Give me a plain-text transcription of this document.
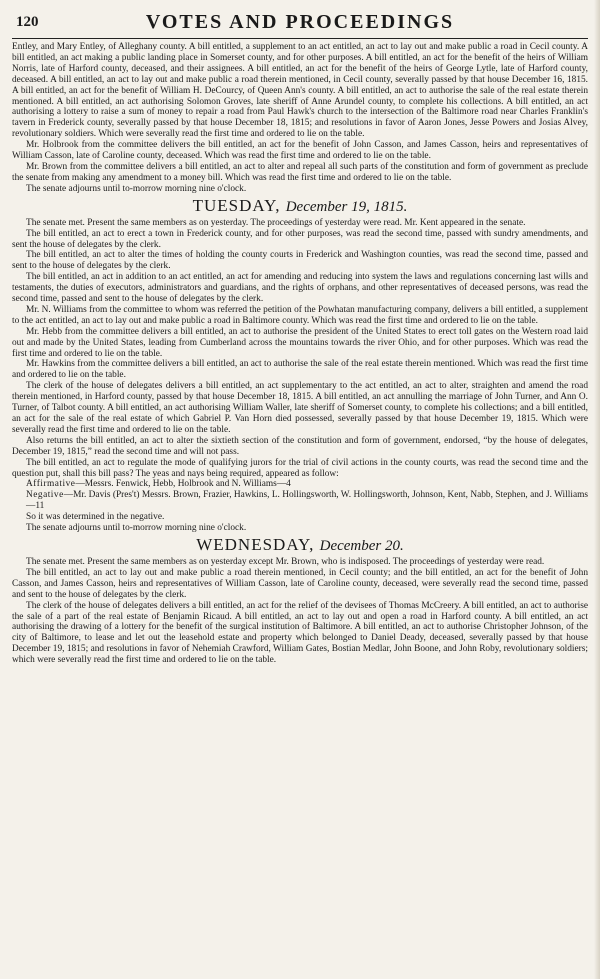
120	VOTES AND PROCEEDINGS

Entley, and Mary Entley, of Alleghany county. A bill entitled, a supplement to an act entitled, an act to lay out and make public a road in Cecil county. A bill entitled, an act making a public landing place in Somerset county, and for other purposes. A bill entitled, an act for the benefit of the heirs of William Norris, late of Harford county, deceased, and their assignees. A bill entitled, an act for the benefit of the heirs of George Lytle, late of Harford county, deceased. A bill entitled, an act to lay out and make public a road therein mentioned, in Cecil county, severally passed by that house December 16, 1815. A bill entitled, an act for the benefit of William H. DeCourcy, of Queen Ann's county. A bill entitled, an act to authorise the sale of the real estate therein mentioned. A bill entitled, an act authorising Solomon Groves, late sheriff of Anne Arundel county, to complete his collections. A bill entitled, an act authorising a lottery to raise a sum of money to repair a road from Paul Hawk's church to the intersection of the Baltimore road near Charles Franklin's tavern in Frederick county, severally passed by that house December 18, 1815; and resolutions in favor of Aaron Jones, Jesse Powers and Josias Alvey, revolutionary soldiers. Which were severally read the first time and ordered to lie on the table.

Mr. Holbrook from the committee delivers the bill entitled, an act for the benefit of John Casson, and James Casson, heirs and representatives of William Casson, late of Caroline county, deceased. Which was read the first time and ordered to lie on the table.

Mr. Brown from the committee delivers a bill entitled, an act to alter and repeal all such parts of the constitution and form of government as preclude the senate from making any amendment to a money bill. Which was read the first time and ordered to lie on the table.

The senate adjourns until to-morrow morning nine o'clock.

TUESDAY, December 19, 1815.

The senate met. Present the same members as on yesterday. The proceedings of yesterday were read. Mr. Kent appeared in the senate.

The bill entitled, an act to erect a town in Frederick county, and for other purposes, was read the second time, passed with sundry amendments, and sent the house of delegates by the clerk.

The bill entitled, an act to alter the times of holding the county courts in Frederick and Washington counties, was read the second time, passed and sent to the house of delegates by the clerk.

The bill entitled, an act in addition to an act entitled, an act for amending and reducing into system the laws and regulations concerning last wills and testaments, the duties of executors, administrators and guardians, and the rights of orphans, and other representatives of deceased persons, was read the second time, passed and sent to the house of delegates by the clerk.

Mr. N. Williams from the committee to whom was referred the petition of the Powhatan manufacturing company, delivers a bill entitled, a supplement to the act entitled, an act to lay out and make public a road in Baltimore county. Which was read the first time and ordered to lie on the table.

Mr. Hebb from the committee delivers a bill entitled, an act to authorise the president of the United States to erect toll gates on the Western road laid out and made by the United States, leading from Cumberland across the mountains towards the river Ohio, and for other purposes. Which was read the first time and ordered to lie on the table.

Mr. Hawkins from the committee delivers a bill entitled, an act to authorise the sale of the real estate therein mentioned. Which was read the first time and ordered to lie on the table.

The clerk of the house of delegates delivers a bill entitled, an act supplementary to the act entitled, an act to alter, straighten and amend the road therein mentioned, in Harford county, passed by that house December 18, 1815. A bill entitled, an act annulling the marriage of John Turner, and Ann O. Turner, of Talbot county. A bill entitled, an act authorising William Waller, late sheriff of Somerset county, to complete his collections; and a bill entitled, an act for the sale of the real estate of which Gabriel P. Van Horn died possessed, severally passed by that house December 19, 1815. Which were severally read the first time and ordered to lie on the table.

Also returns the bill entitled, an act to alter the sixtieth section of the constitution and form of government, endorsed, “by the house of delegates, December 19, 1815,” read the second time and will not pass.

The bill entitled, an act to regulate the mode of qualifying jurors for the trial of civil actions in the county courts, was read the second time and the question put, shall this bill pass? The yeas and nays being required, appeared as follow:

Affirmative—Messrs. Fenwick, Hebb, Holbrook and N. Williams—4

Negative—Mr. Davis (Pres't) Messrs. Brown, Frazier, Hawkins, L. Hollingsworth, W. Hollingsworth, Johnson, Kent, Nabb, Stephen, and J. Williams—11

So it was determined in the negative.

The senate adjourns until to-morrow morning nine o'clock.

WEDNESDAY, December 20.

The senate met. Present the same members as on yesterday except Mr. Brown, who is indisposed. The proceedings of yesterday were read.

The bill entitled, an act to lay out and make public a road therein mentioned, in Cecil county; and the bill entitled, an act for the benefit of John Casson, and James Casson, heirs and representatives of William Casson, late of Caroline county, deceased, were severally read the second time, passed and sent to the house of delegates by the clerk.

The clerk of the house of delegates delivers a bill entitled, an act for the relief of the devisees of Thomas McCreery. A bill entitled, an act to authorise the sale of a part of the real estate of Benjamin Ricaud. A bill entitled, an act to lay out and open a road in Harford county. A bill entitled, an act authorising the drawing of a lottery for the benefit of the surgical institution of Baltimore. A bill entitled, an act to authorise Christopher Johnson, of the city of Baltimore, to lease and let out the leasehold estate and property which belonged to Daniel Deady, deceased, severally passed by that house December 19, 1815; and resolutions in favor of Nehemiah Crawford, William Gates, Bostian Medlar, John Boone, and John Roby, revolutionary soldiers; which were severally read the first time and ordered to lie on the table.
